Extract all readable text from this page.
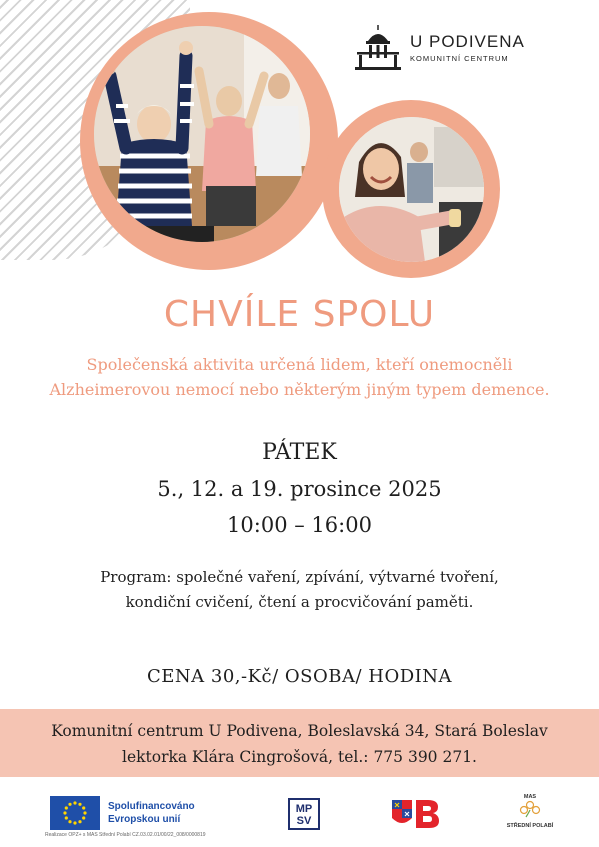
U PODIVENA
KOMUNITNÍ CENTRUM
CHVÍLE SPOLU
Společenská aktivita určená lidem, kteří onemocněli
Alzheimerovou nemocí nebo některým jiným typem demence.
PÁTEK
5., 12. a 19. prosince 2025
10:00 – 16:00
Program: společné vaření, zpívání, výtvarné tvoření,
kondiční cvičení, čtení a procvičování paměti.
CENA 30,-Kč/ OSOBA/ HODINA
Komunitní centrum U Podivena, Boleslavská 34, Stará Boleslav
lektorka Klára Cingrošová, tel.: 775 390 271.
Spolufinancováno
Evropskou unií
Realizace OPZ+ s MAS Střední Polabí CZ.03.02.01/00/22_008/0000819
MP
SV
MAS
STŘEDNÍ POLABÍ
